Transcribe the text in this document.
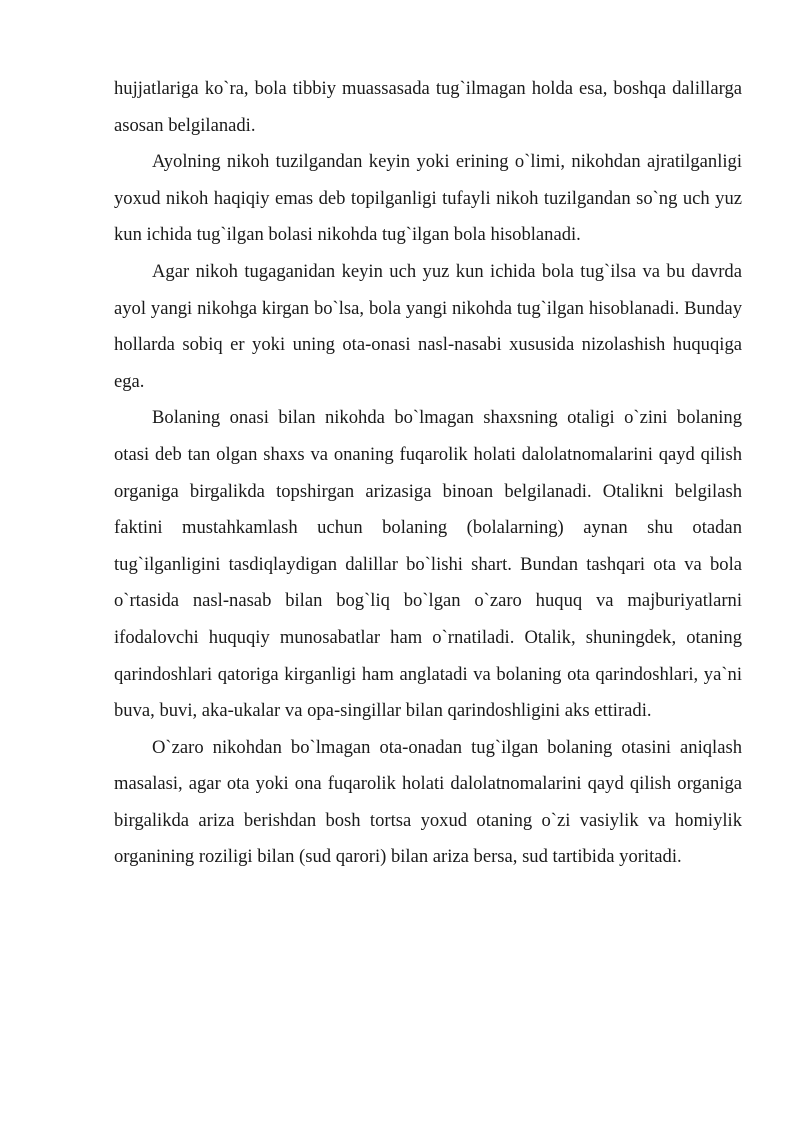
hujjatlariga ko`ra, bola tibbiy muassasada tug`ilmagan holda esa, boshqa dalillarga asosan belgilanadi.

Ayolning nikoh tuzilgandan keyin yoki erining o`limi, nikohdan ajratilganligi yoxud nikoh haqiqiy emas deb topilganligi tufayli nikoh tuzilgandan so`ng uch yuz kun ichida tug`ilgan bolasi nikohda tug`ilgan bola hisoblanadi.

Agar nikoh tugaganidan keyin uch yuz kun ichida bola tug`ilsa va bu davrda ayol yangi nikohga kirgan bo`lsa, bola yangi nikohda tug`ilgan hisoblanadi. Bunday hollarda sobiq er yoki uning ota-onasi nasl-nasabi xususida nizolashish huquqiga ega.

Bolaning onasi bilan nikohda bo`lmagan shaxsning otaligi o`zini bolaning otasi deb tan olgan shaxs va onaning fuqarolik holati dalolatnomalarini qayd qilish organiga birgalikda topshirgan arizasiga binoan belgilanadi. Otalikni belgilash faktini mustahkamlash uchun bolaning (bolalarning) aynan shu otadan tug`ilganligini tasdiqlaydigan dalillar bo`lishi shart. Bundan tashqari ota va bola o`rtasida nasl-nasab bilan bog`liq bo`lgan o`zaro huquq va majburiyatlarni ifodalovchi huquqiy munosabatlar ham o`rnatiladi. Otalik, shuningdek, otaning qarindoshlari qatoriga kirganligi ham anglatadi va bolaning ota qarindoshlari, ya`ni buva, buvi, aka-ukalar va opa-singillar bilan qarindoshligini aks ettiradi.

O`zaro nikohdan bo`lmagan ota-onadan tug`ilgan bolaning otasini aniqlash masalasi, agar ota yoki ona fuqarolik holati dalolatnomalarini qayd qilish organiga birgalikda ariza berishdan bosh tortsa yoxud otaning o`zi vasiylik va homiylik organining roziligi bilan (sud qarori) bilan ariza bersa, sud tartibida yoritadi.
